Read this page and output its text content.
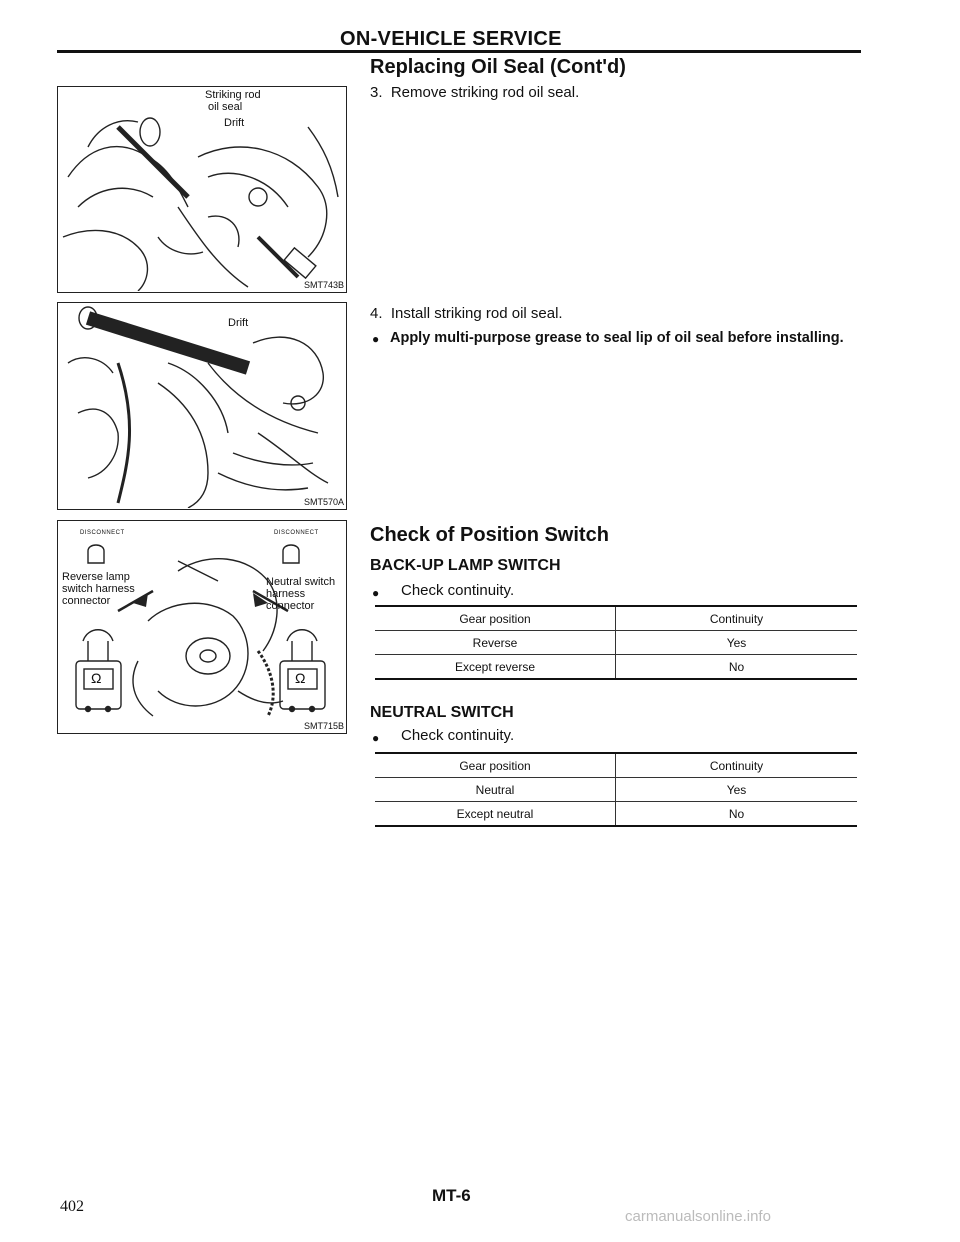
ON-VEHICLE SERVICE
Replacing Oil Seal (Cont'd)
3.  Remove striking rod oil seal.
4.  Install striking rod oil seal.
● Apply multi-purpose grease to seal lip of oil seal before installing.
Striking rod
oil seal
Drift
SMT743B
Drift
SMT570A
DISCONNECT	DISCONNECT
Reverse lamp
switch harness
connector
Neutral switch
harness
connector
Ω	Ω
SMT715B
Check of Position Switch
BACK-UP LAMP SWITCH
● Check continuity.
Gear position	Continuity
Reverse	Yes
Except reverse	No
NEUTRAL SWITCH
● Check continuity.
Gear position	Continuity
Neutral	Yes
Except neutral	No
MT-6
402
carmanualsonline.info
